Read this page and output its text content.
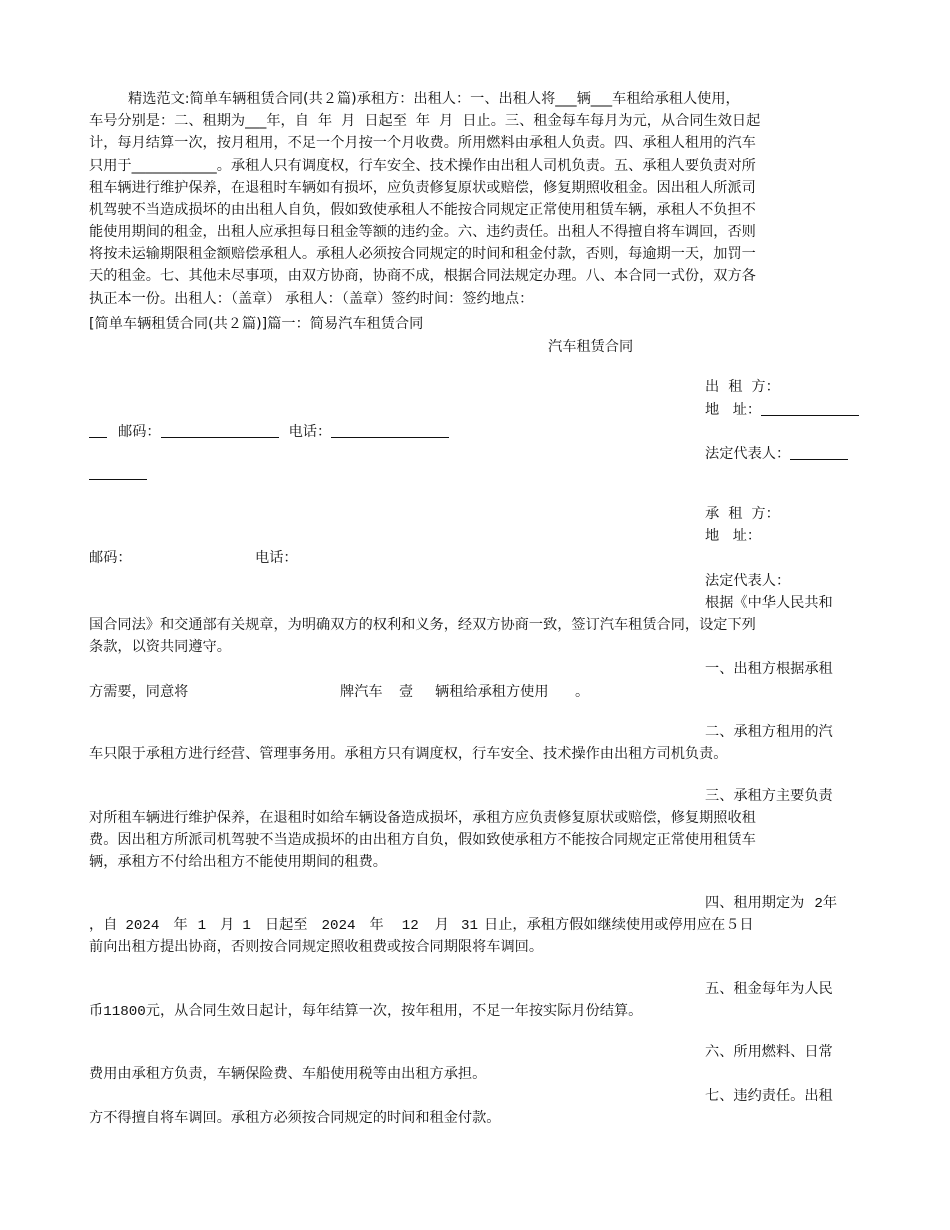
精选范文:简单车辆租赁合同(共２篇)承租方：出租人：一、出租人将___辆___车租给承租人使用，
车号分别是：二、租期为___年，自  年  月  日起至  年  月  日止。三、租金每车每月为元，从合同生效日起
计，每月结算一次，按月租用，不足一个月按一个月收费。所用燃料由承租人负责。四、承租人租用的汽车
只用于____________。承租人只有调度权，行车安全、技术操作由出租人司机负责。五、承租人要负责对所
租车辆进行维护保养，在退租时车辆如有损坏，应负责修复原状或赔偿，修复期照收租金。因出租人所派司
机驾驶不当造成损坏的由出租人自负，假如致使承租人不能按合同规定正常使用租赁车辆，承租人不负担不
能使用期间的租金，出租人应承担每日租金等额的违约金。六、违约责任。出租人不得擅自将车调回，否则
将按未运输期限租金额赔偿承租人。承租人必须按合同规定的时间和租金付款，否则，每逾期一天，加罚一
天的租金。七、其他未尽事项，由双方协商，协商不成，根据合同法规定办理。八、本合同一式份，双方各
执正本一份。出租人：（盖章） 承租人：（盖章）签约时间：签约地点：
[简单车辆租赁合同(共２篇)]篇一：简易汽车租赁合同
汽车租赁合同
出  租  方：
地   址：
邮码：	电话：
法定代表人：
承  租  方：
地   址：
邮码：	电话：
法定代表人：
根据《中华人民共和
国合同法》和交通部有关规章，为明确双方的权利和义务，经双方协商一致，签订汽车租赁合同，设定下列
条款，以资共同遵守。
一、出租方根据承租
方需要，同意将	牌汽车 壹 辆租给承租方使用 。
二、承租方租用的汽
车只限于承租方进行经营、管理事务用。承租方只有调度权，行车安全、技术操作由出租方司机负责。
三、承租方主要负责
对所租车辆进行维护保养，在退租时如给车辆设备造成损坏，承租方应负责修复原状或赔偿，修复期照收租
费。因出租方所派司机驾驶不当造成损坏的由出租方自负，假如致使承租方不能按合同规定正常使用租赁车
辆，承租方不付给出租方不能使用期间的租费。
四、租用期定为 2年
，自 2024 年 1 月 1 日起至 2024 年 12 月 31 日止，承租方假如继续使用或停用应在５日
前向出租方提出协商，否则按合同规定照收租费或按合同期限将车调回。
五、租金每年为人民
币11800元，从合同生效日起计，每年结算一次，按年租用，不足一年按实际月份结算。
六、所用燃料、日常
费用由承租方负责，车辆保险费、车船使用税等由出租方承担。
七、违约责任。出租
方不得擅自将车调回。承租方必须按合同规定的时间和租金付款。
